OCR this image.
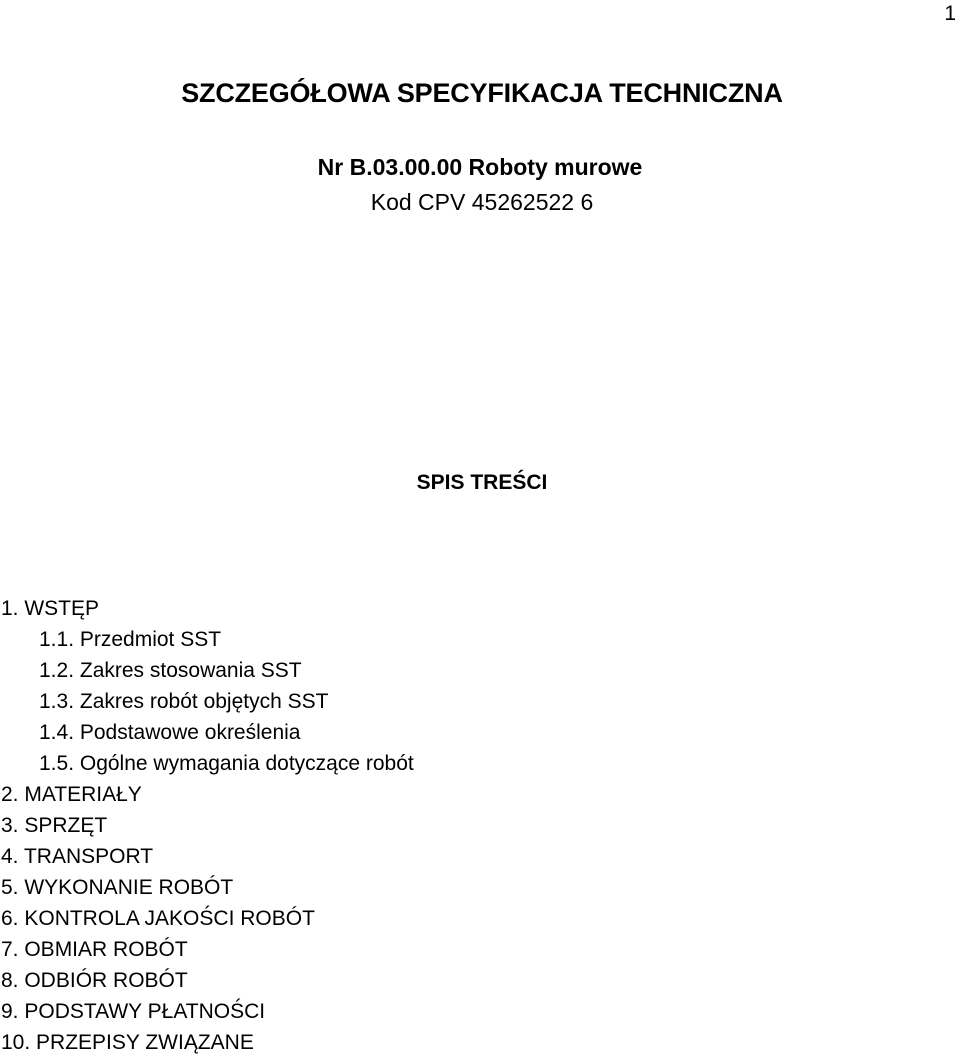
1
SZCZEGÓŁOWA SPECYFIKACJA TECHNICZNA
Nr B.03.00.00 Roboty murowe
Kod CPV 45262522 6
SPIS TREŚCI
1. WSTĘP
1.1. Przedmiot SST
1.2. Zakres stosowania SST
1.3. Zakres robót objętych SST
1.4. Podstawowe określenia
1.5. Ogólne wymagania dotyczące robót
2. MATERIAŁY
3. SPRZĘT
4. TRANSPORT
5. WYKONANIE ROBÓT
6. KONTROLA JAKOŚCI ROBÓT
7. OBMIAR ROBÓT
8. ODBIÓR ROBÓT
9. PODSTAWY PŁATNOŚCI
10. PRZEPISY ZWIĄZANE
